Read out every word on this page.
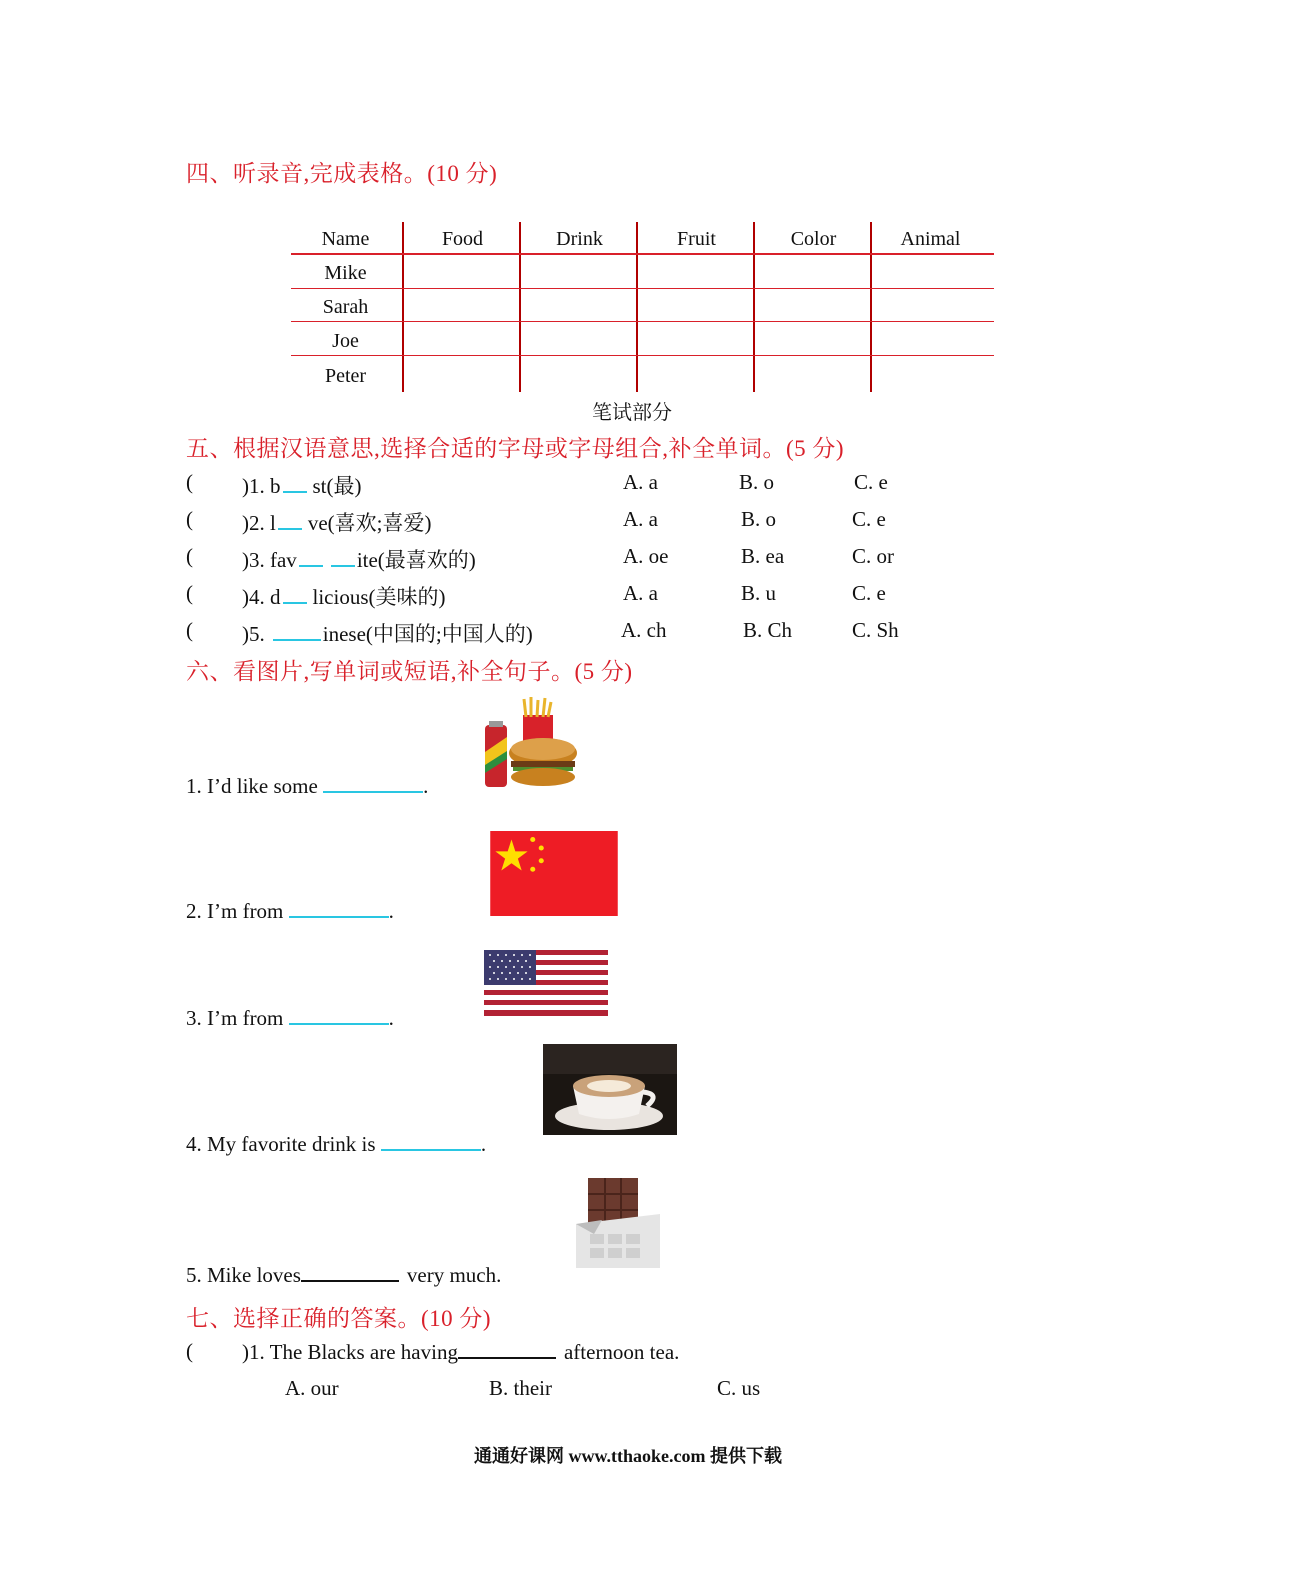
四、听录音,完成表格。(10 分)
Name	Food	Drink	Fruit	Color	Animal
Mike
Sarah
Joe
Peter
笔试部分
五、根据汉语意思,选择合适的字母或字母组合,补全单词。(5 分)
( )1. b st(最)	A. a	B. o	C. e
( )2. l ve(喜欢;喜爱)	A. a	B. o	C. e
( )3. fav	ite(最喜欢的)	A. oe	B. ea	C. or
( )4. d licious(美味的)	A. a	B. u	C. e
( )5.	inese(中国的;中国人的)	A. ch	B. Ch	C. Sh
六、看图片,写单词或短语,补全句子。(5 分)
1. I’d like some	.
2. I’m from	.
3. I’m from	.
4. My favorite drink is	.
5. Mike loves	very much.
七、选择正确的答案。(10 分)
( )1. The Blacks are having	afternoon tea.
A. our	B. their	C. us
通通好课网 www.tthaoke.com 提供下载
